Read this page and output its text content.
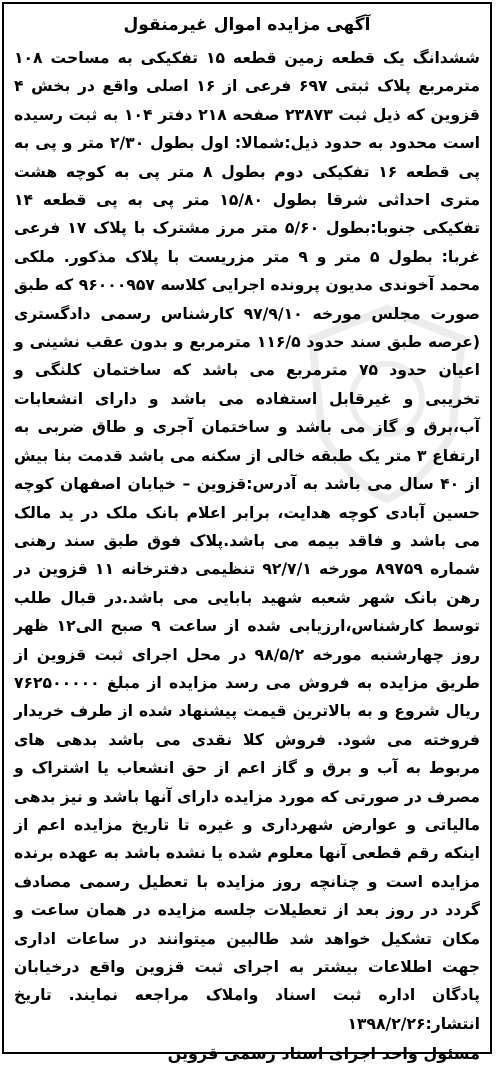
آگهی مزایده اموال غیرمنقول

ششدانگ یک قطعه زمین قطعه ۱۵ تفکیکی به مساحت ۱۰۸ مترمربع پلاک ثبتی ۶۹۷ فرعی از ۱۶ اصلی واقع در بخش ۴ قزوین که ذیل ثبت ۲۳۸۷۳ صفحه ۲۱۸ دفتر ۱۰۴ به ثبت رسیده است محدود به حدود ذیل:شمالا: اول بطول ۲/۳۰ متر و پی به پی قطعه ۱۶ تفکیکی دوم بطول ۸ متر پی به کوچه هشت متری احداثی شرقا بطول ۱۵/۸۰ متر پی به پی قطعه ۱۴ تفکیکی جنوبا:بطول ۵/۶۰ متر مرز مشترک با پلاک ۱۷ فرعی غربا: بطول ۵ متر و ۹ متر مزریست با پلاک مذکور. ملکی محمد آخوندی مدیون پرونده اجرایی کلاسه ۹۶۰۰۰۹۵۷ که طبق صورت مجلس مورخه ۹۷/۹/۱۰ کارشناس رسمی دادگستری (عرصه طبق سند حدود ۱۱۶/۵ مترمربع و بدون عقب نشینی و اعیان حدود ۷۵ مترمربع می باشد که ساختمان کلنگی و تخریبی و غیرقابل استفاده می باشد و دارای انشعابات آب،برق و گاز می باشد و ساختمان آجری و طاق ضربی به ارتفاع ۳ متر یک طبقه خالی از سکنه می باشد قدمت بنا بیش از ۴۰ سال می باشد به آدرس:قزوین – خیابان اصفهان کوچه حسین آبادی کوچه هدایت، برابر اعلام بانک ملک در ید مالک می باشد و فاقد بیمه می باشد.پلاک فوق طبق سند رهنی شماره ۸۹۷۵۹ مورخه ۹۲/۷/۱ تنظیمی دفترخانه ۱۱ قزوین در رهن بانک شهر شعبه شهید بابایی می باشد.در قبال طلب توسط کارشناس،ارزیابی شده از ساعت ۹ صبح الی۱۲ ظهر روز چهارشنبه مورخه ۹۸/۵/۲ در محل اجرای ثبت قزوین از طریق مزایده به فروش می رسد مزایده از مبلغ ۷۶۲۵۰۰۰۰۰ ریال شروع و به بالاترین قیمت پیشنهاد شده از طرف خریدار فروخته می شود. فروش کلا نقدی می باشد بدهی های مربوط به آب و برق و گاز اعم از حق انشعاب یا اشتراک و مصرف در صورتی که مورد مزایده دارای آنها باشد و نیز بدهی مالیاتی و عوارض شهرداری و غیره تا تاریخ مزایده اعم از اینکه رقم قطعی آنها معلوم شده یا نشده باشد به عهده برنده مزایده است و چنانچه روز مزایده با تعطیل رسمی مصادف گردد در روز بعد از تعطیلات جلسه مزایده در همان ساعت و مکان تشکیل خواهد شد طالبین میتوانند در ساعات اداری جهت اطلاعات بیشتر به اجرای ثبت قزوین واقع درخیابان پادگان اداره ثبت اسناد واملاک مراجعه نمایند. تاریخ انتشار:۱۳۹۸/۲/۲۶

مسئول واحد اجرای اسناد رسمی قزوین
